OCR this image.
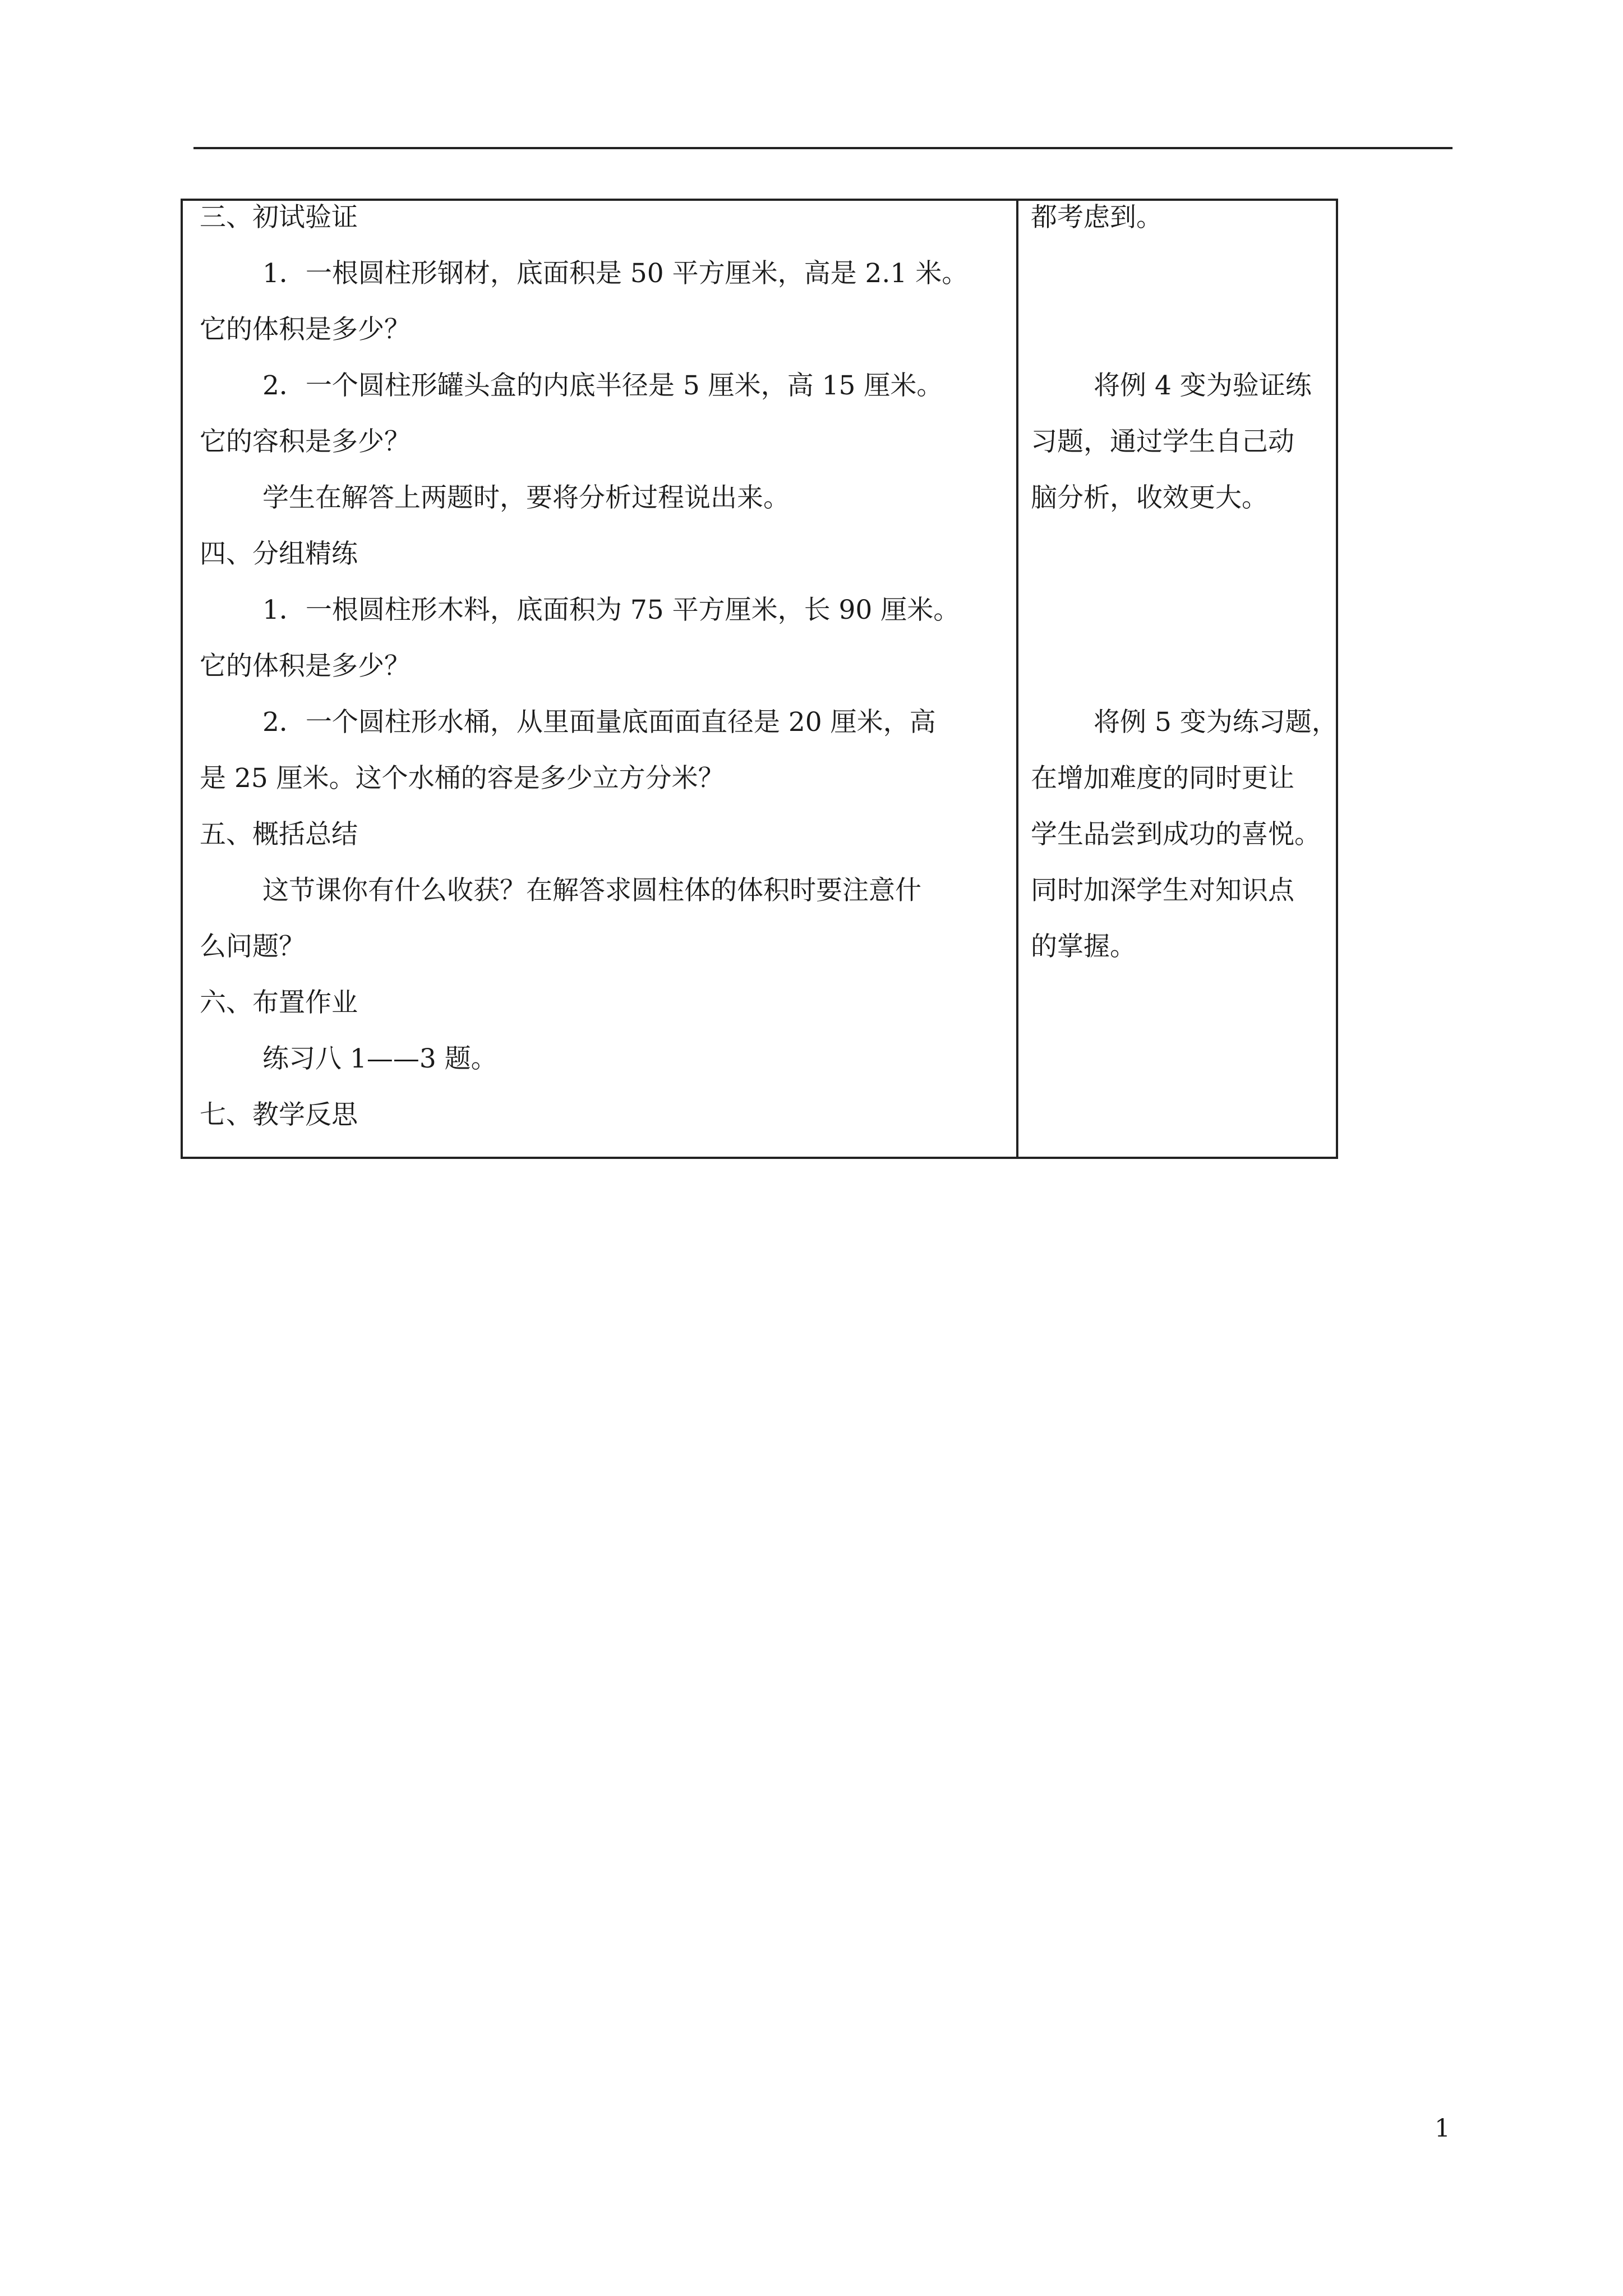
三、初试验证
1．一根圆柱形钢材，底面积是 50 平方厘米，高是 2.1 米。
它的体积是多少？
2．一个圆柱形罐头盒的内底半径是 5 厘米，高 15 厘米。
它的容积是多少？
学生在解答上两题时，要将分析过程说出来。
四、分组精练
1．一根圆柱形木料，底面积为 75 平方厘米，长 90 厘米。
它的体积是多少？
2．一个圆柱形水桶，从里面量底面面直径是 20 厘米，高
是 25 厘米。这个水桶的容是多少立方分米？
五、概括总结
这节课你有什么收获？在解答求圆柱体的体积时要注意什
么问题？
六、布置作业
练习八 1——3 题。
七、教学反思
都考虑到。
将例 4 变为验证练
习题，通过学生自己动
脑分析，收效更大。
将例 5 变为练习题，
在增加难度的同时更让
学生品尝到成功的喜悦。
同时加深学生对知识点
的掌握。
1
